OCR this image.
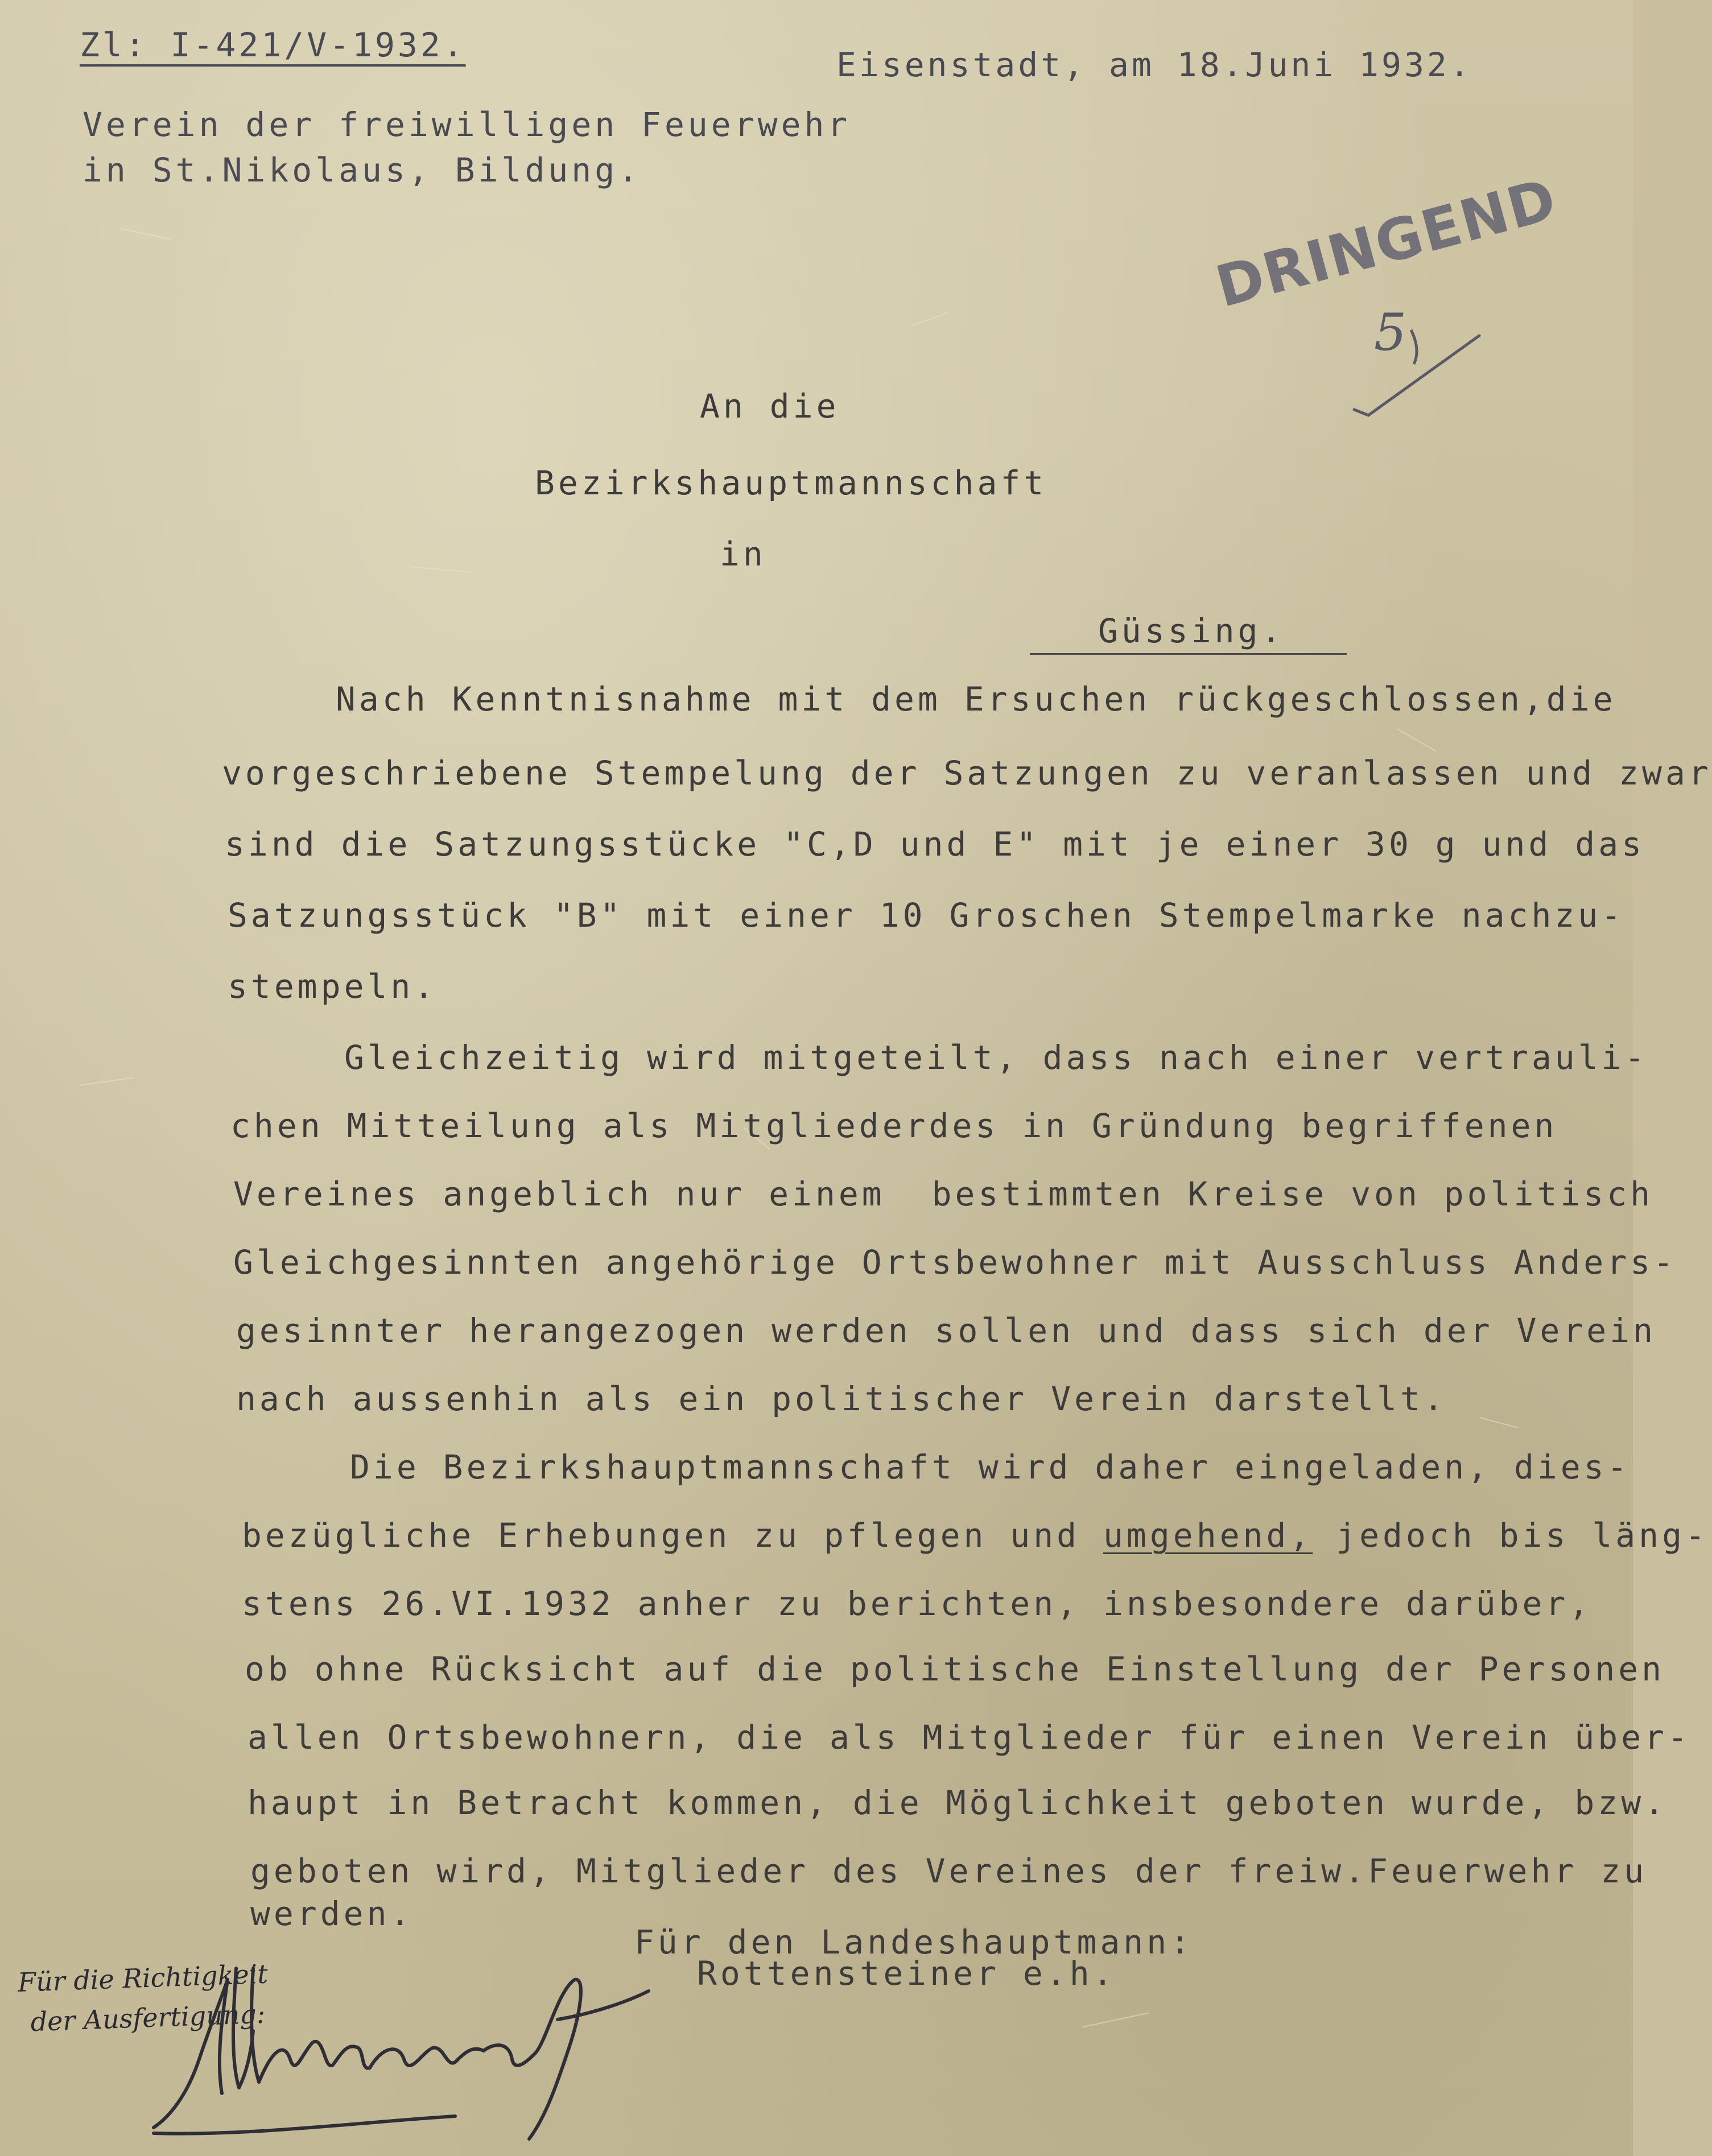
Zl: I-421/V-1932.
Eisenstadt, am 18.Juni 1932.
Verein der freiwilligen Feuerwehr
in St.Nikolaus, Bildung.	DRINGEND
5
An die
Bezirkshauptmannschaft
in
Güssing.
Nach Kenntnisnahme mit dem Ersuchen rückgeschlossen,die
vorgeschriebene Stempelung der Satzungen zu veranlassen und zwar
sind die Satzungsstücke "C,D und E" mit je einer 30 g und das
Satzungsstück "B" mit einer 10 Groschen Stempelmarke nachzu-
stempeln.
Gleichzeitig wird mitgeteilt, dass nach einer vertrauli-
chen Mitteilung als Mitgliederdes in Gründung begriffenen
Vereines angeblich nur einem  bestimmten Kreise von politisch
Gleichgesinnten angehörige Ortsbewohner mit Ausschluss Anders-
gesinnter herangezogen werden sollen und dass sich der Verein
nach aussenhin als ein politischer Verein darstellt.
Die Bezirkshauptmannschaft wird daher eingeladen, dies-
bezügliche Erhebungen zu pflegen und umgehend, jedoch bis läng-
stens 26.VI.1932 anher zu berichten, insbesondere darüber,
ob ohne Rücksicht auf die politische Einstellung der Personen
allen Ortsbewohnern, die als Mitglieder für einen Verein über-
haupt in Betracht kommen, die Möglichkeit geboten wurde, bzw.
geboten wird, Mitglieder des Vereines der freiw.Feuerwehr zu
werden.
Für den Landeshauptmann:
Rottensteiner e.h.
Für die Richtigkeit
der Ausfertigung:
